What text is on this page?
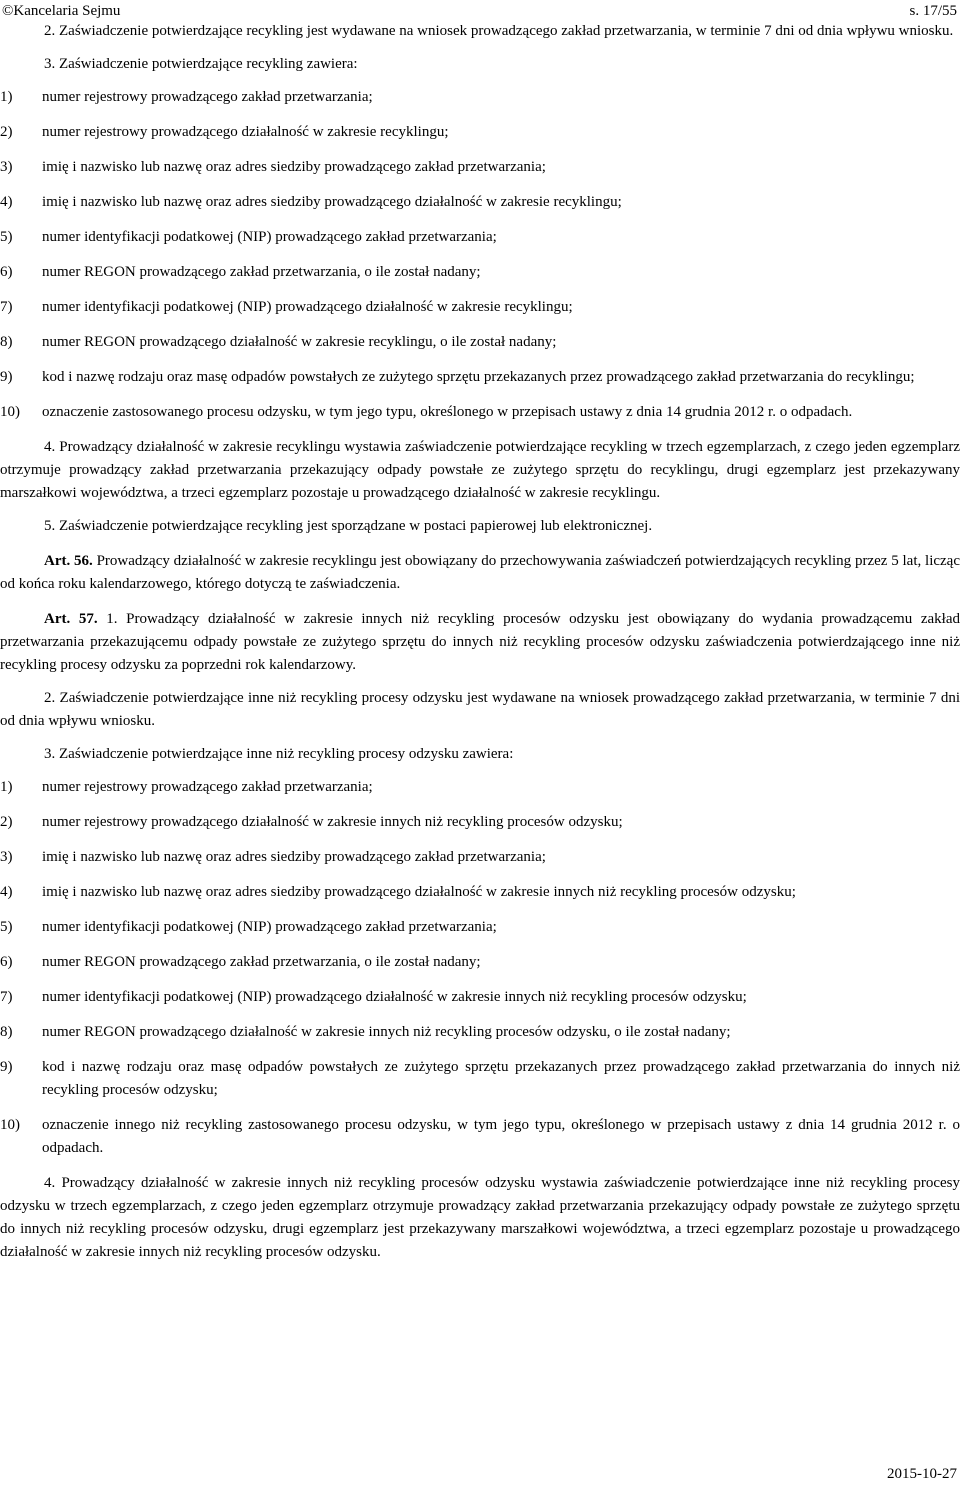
©Kancelaria Sejmu	s. 17/55

2. Zaświadczenie potwierdzające recykling jest wydawane na wniosek prowadzącego zakład przetwarzania, w terminie 7 dni od dnia wpływu wniosku.

3. Zaświadczenie potwierdzające recykling zawiera:

1)	numer rejestrowy prowadzącego zakład przetwarzania;
2)	numer rejestrowy prowadzącego działalność w zakresie recyklingu;
3)	imię i nazwisko lub nazwę oraz adres siedziby prowadzącego zakład przetwarzania;
4)	imię i nazwisko lub nazwę oraz adres siedziby prowadzącego działalność w zakresie recyklingu;
5)	numer identyfikacji podatkowej (NIP) prowadzącego zakład przetwarzania;
6)	numer REGON prowadzącego zakład przetwarzania, o ile został nadany;
7)	numer identyfikacji podatkowej (NIP) prowadzącego działalność w zakresie recyklingu;
8)	numer REGON prowadzącego działalność w zakresie recyklingu, o ile został nadany;
9)	kod i nazwę rodzaju oraz masę odpadów powstałych ze zużytego sprzętu przekazanych przez prowadzącego zakład przetwarzania do recyklingu;
10)	oznaczenie zastosowanego procesu odzysku, w tym jego typu, określonego w przepisach ustawy z dnia 14 grudnia 2012 r. o odpadach.

4. Prowadzący działalność w zakresie recyklingu wystawia zaświadczenie potwierdzające recykling w trzech egzemplarzach, z czego jeden egzemplarz otrzymuje prowadzący zakład przetwarzania przekazujący odpady powstałe ze zużytego sprzętu do recyklingu, drugi egzemplarz jest przekazywany marszałkowi województwa, a trzeci egzemplarz pozostaje u prowadzącego działalność w zakresie recyklingu.

5. Zaświadczenie potwierdzające recykling jest sporządzane w postaci papierowej lub elektronicznej.

Art. 56. Prowadzący działalność w zakresie recyklingu jest obowiązany do przechowywania zaświadczeń potwierdzających recykling przez 5 lat, licząc od końca roku kalendarzowego, którego dotyczą te zaświadczenia.

Art. 57. 1. Prowadzący działalność w zakresie innych niż recykling procesów odzysku jest obowiązany do wydania prowadzącemu zakład przetwarzania przekazującemu odpady powstałe ze zużytego sprzętu do innych niż recykling procesów odzysku zaświadczenia potwierdzającego inne niż recykling procesy odzysku za poprzedni rok kalendarzowy.

2. Zaświadczenie potwierdzające inne niż recykling procesy odzysku jest wydawane na wniosek prowadzącego zakład przetwarzania, w terminie 7 dni od dnia wpływu wniosku.

3. Zaświadczenie potwierdzające inne niż recykling procesy odzysku zawiera:

1)	numer rejestrowy prowadzącego zakład przetwarzania;
2)	numer rejestrowy prowadzącego działalność w zakresie innych niż recykling procesów odzysku;
3)	imię i nazwisko lub nazwę oraz adres siedziby prowadzącego zakład przetwarzania;
4)	imię i nazwisko lub nazwę oraz adres siedziby prowadzącego działalność w zakresie innych niż recykling procesów odzysku;
5)	numer identyfikacji podatkowej (NIP) prowadzącego zakład przetwarzania;
6)	numer REGON prowadzącego zakład przetwarzania, o ile został nadany;
7)	numer identyfikacji podatkowej (NIP) prowadzącego działalność w zakresie innych niż recykling procesów odzysku;
8)	numer REGON prowadzącego działalność w zakresie innych niż recykling procesów odzysku, o ile został nadany;
9)	kod i nazwę rodzaju oraz masę odpadów powstałych ze zużytego sprzętu przekazanych przez prowadzącego zakład przetwarzania do innych niż recykling procesów odzysku;
10)	oznaczenie innego niż recykling zastosowanego procesu odzysku, w tym jego typu, określonego w przepisach ustawy z dnia 14 grudnia 2012 r. o odpadach.

4. Prowadzący działalność w zakresie innych niż recykling procesów odzysku wystawia zaświadczenie potwierdzające inne niż recykling procesy odzysku w trzech egzemplarzach, z czego jeden egzemplarz otrzymuje prowadzący zakład przetwarzania przekazujący odpady powstałe ze zużytego sprzętu do innych niż recykling procesów odzysku, drugi egzemplarz jest przekazywany marszałkowi województwa, a trzeci egzemplarz pozostaje u prowadzącego działalność w zakresie innych niż recykling procesów odzysku.

2015-10-27
